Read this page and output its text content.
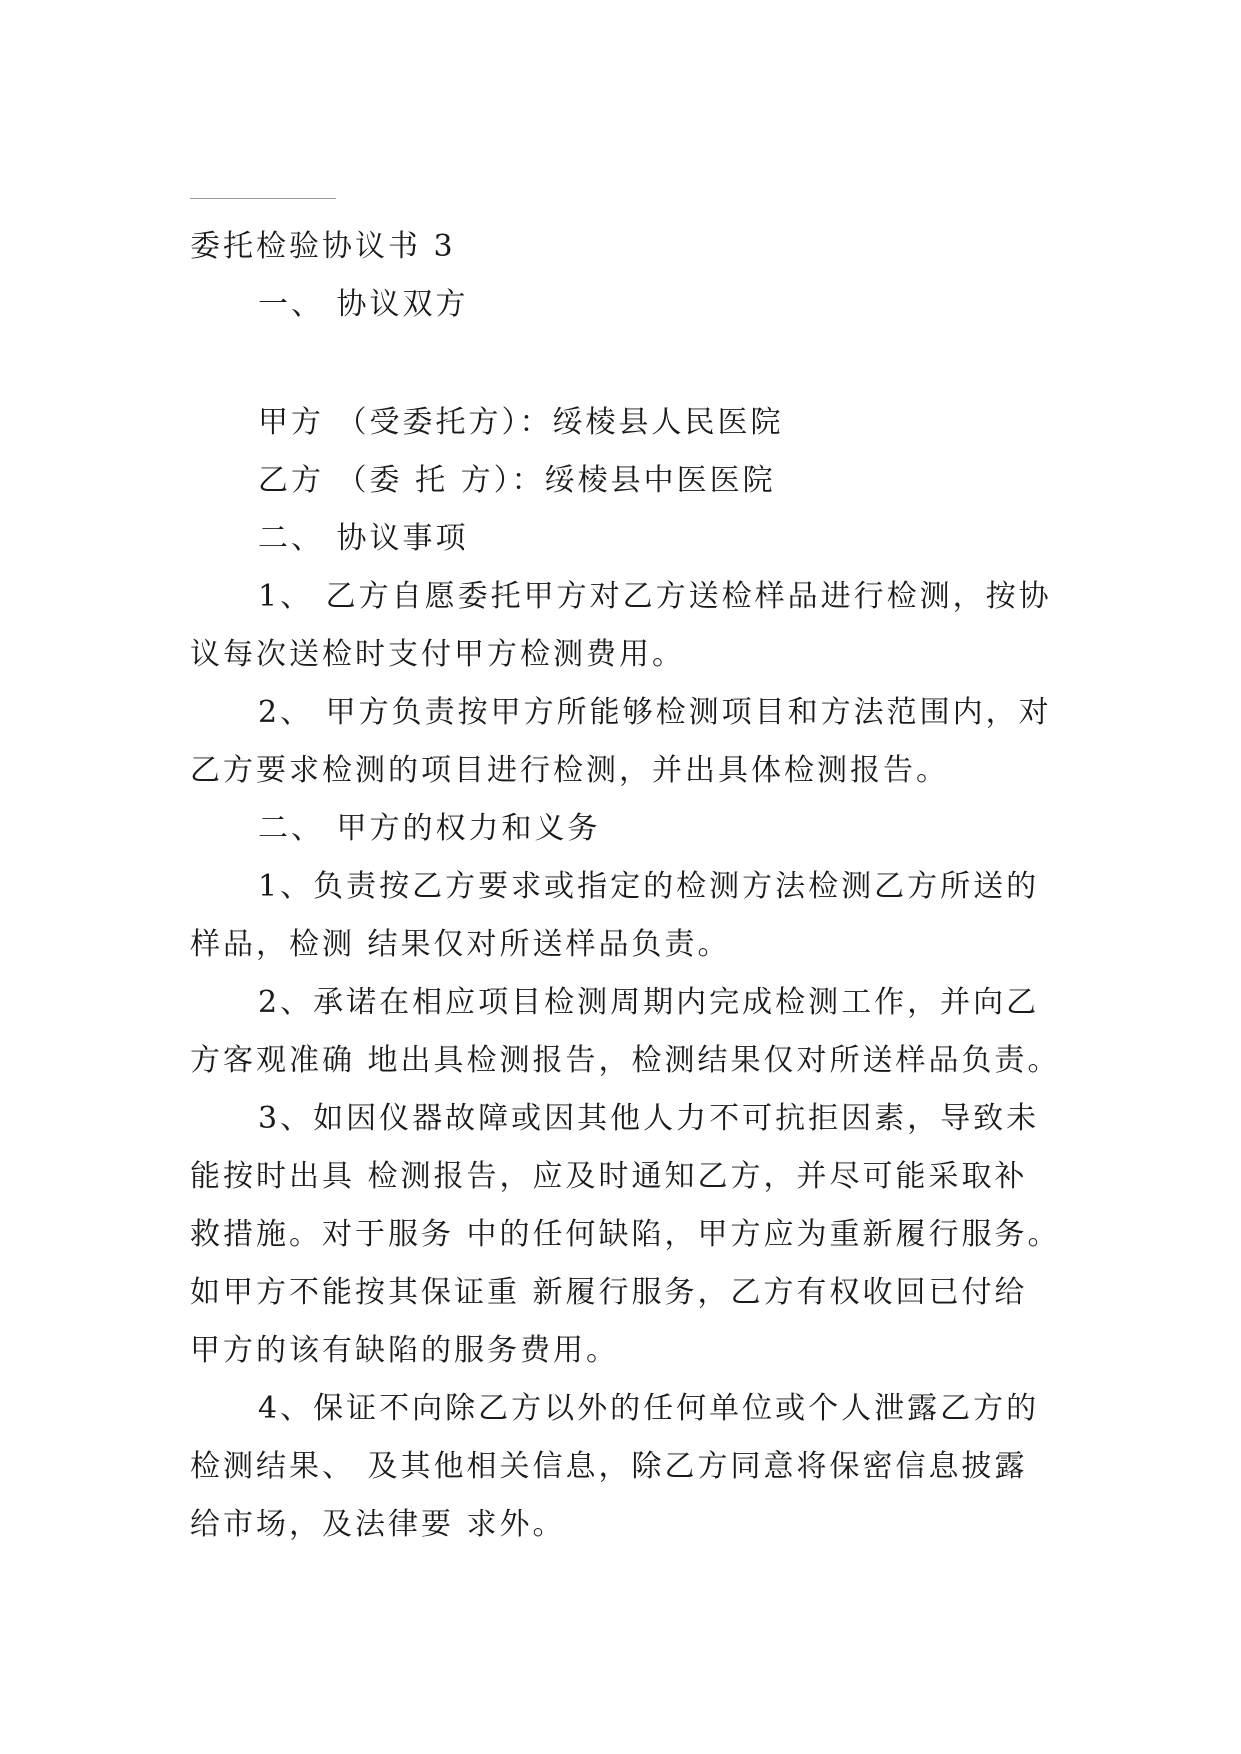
委托检验协议书 3

一、 协议双方

甲方 （受委托方）：绥棱县人民医院

乙方 （委 托 方）：绥棱县中医医院

二、 协议事项

1、 乙方自愿委托甲方对乙方送检样品进行检测，按协

议每次送检时支付甲方检测费用。

2、 甲方负责按甲方所能够检测项目和方法范围内，对

乙方要求检测的项目进行检测，并出具体检测报告。

二、 甲方的权力和义务

1、负责按乙方要求或指定的检测方法检测乙方所送的

样品，检测 结果仅对所送样品负责。

2、承诺在相应项目检测周期内完成检测工作，并向乙

方客观准确 地出具检测报告，检测结果仅对所送样品负责。

3、如因仪器故障或因其他人力不可抗拒因素，导致未

能按时出具 检测报告，应及时通知乙方，并尽可能采取补

救措施。对于服务 中的任何缺陷，甲方应为重新履行服务。

如甲方不能按其保证重 新履行服务，乙方有权收回已付给

甲方的该有缺陷的服务费用。

4、保证不向除乙方以外的任何单位或个人泄露乙方的

检测结果、 及其他相关信息，除乙方同意将保密信息披露

给市场，及法律要 求外。
